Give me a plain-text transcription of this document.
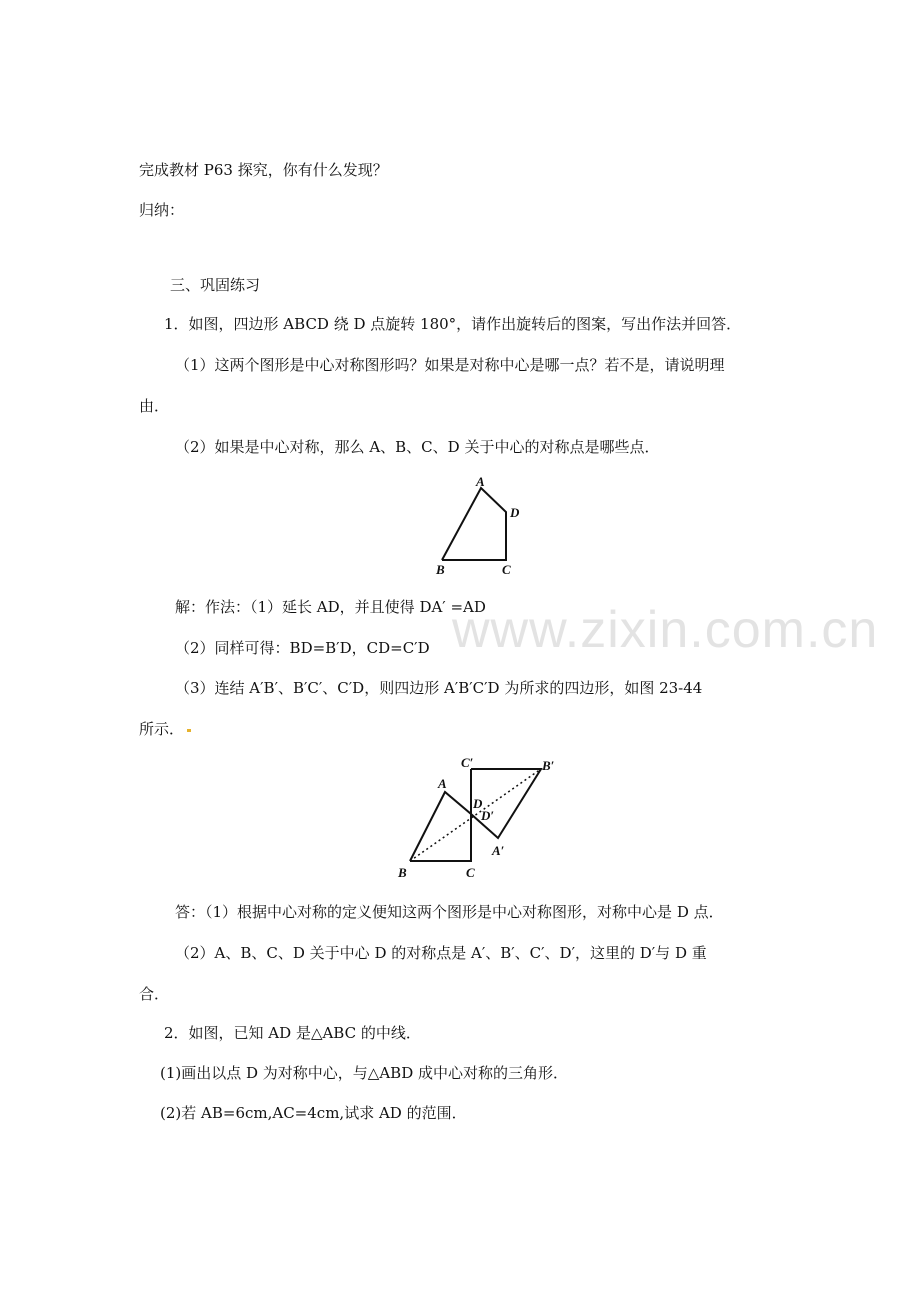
www.zixin.com.cn
完成教材 P63 探究，你有什么发现？
归纳：
三、巩固练习
1．如图，四边形 ABCD 绕 D 点旋转 180°，请作出旋转后的图案，写出作法并回答．
（1）这两个图形是中心对称图形吗？如果是对称中心是哪一点？若不是，请说明理
由．
（2）如果是中心对称，那么 A、B、C、D 关于中心的对称点是哪些点．
A
D
B	C
解：作法：（1）延长 AD，并且使得 DA′ =AD
（2）同样可得：BD=B′D，CD=C′D
（3）连结 A′B′、B′C′、C′D，则四边形 A′B′C′D 为所求的四边形，如图 23-44
所示．
C′	B′
A
D
D′
A′
B	C
答：（1）根据中心对称的定义便知这两个图形是中心对称图形，对称中心是 D 点．
（2）A、B、C、D 关于中心 D 的对称点是 A′、B′、C′、D′，这里的 D′与 D 重
合．
2．如图，已知 AD 是△ABC 的中线．
(1)画出以点 D 为对称中心，与△ABD 成中心对称的三角形．
(2)若 AB=6cm,AC=4cm,试求 AD 的范围．
